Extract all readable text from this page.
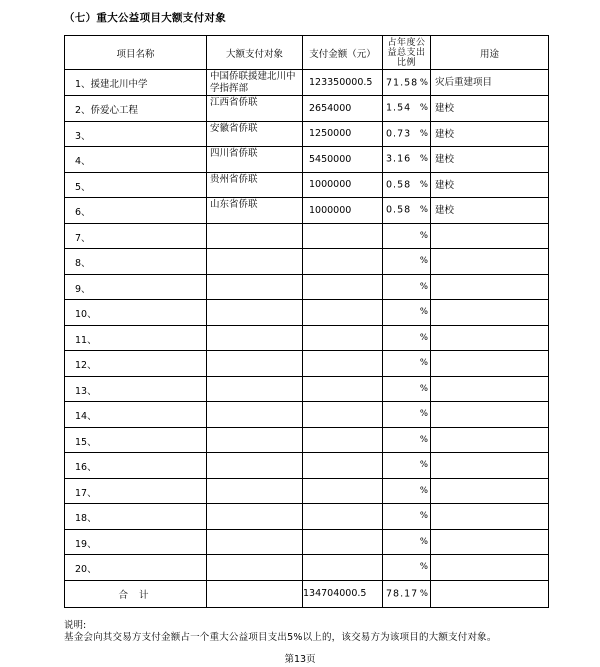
（七）重大公益项目大额支付对象
项目名称	大额支付对象	支付金额（元）	占年度公益总支出比例	用途
1、援建北川中学	中国侨联援建北川中学指挥部	123350000.5	71.58 %	灾后重建项目
2、侨爱心工程	江西省侨联	2654000	1.54 %	建校
3、	安徽省侨联	1250000	0.73 %	建校
4、	四川省侨联	5450000	3.16 %	建校
5、	贵州省侨联	1000000	0.58 %	建校
6、	山东省侨联	1000000	0.58 %	建校
7、			%	

8、			%	

9、			%	

10、			%	

11、			%	

12、			%	

13、			%	

14、			%	

15、			%	

16、			%	

17、			%	

18、			%	

19、			%	

20、			%	

合 计		134704000.5	78.17 %	

说明:
基金会向其交易方支付金额占一个重大公益项目支出5%以上的，该交易方为该项目的大额支付对象。
第13页
